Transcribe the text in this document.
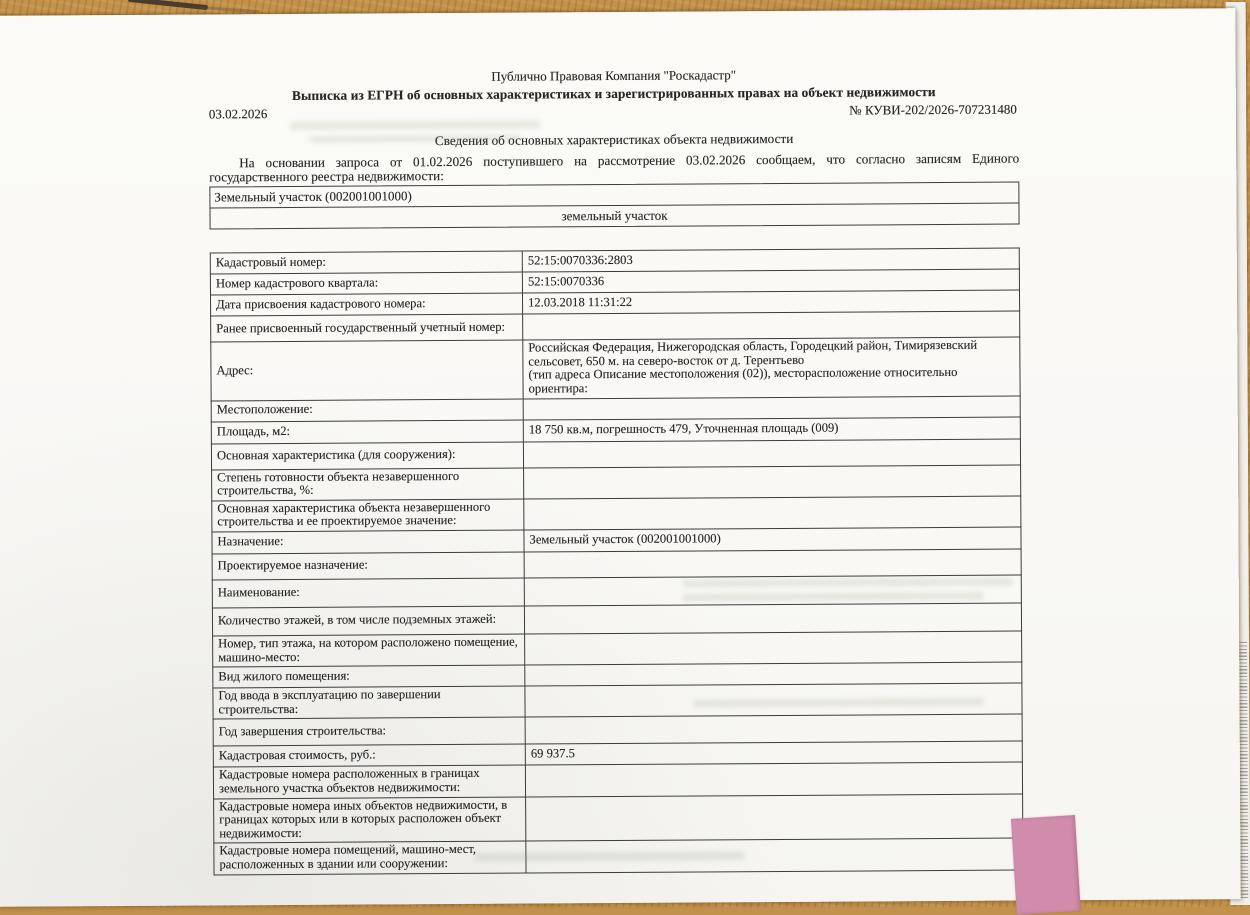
Публично Правовая Компания "Роскадастр"
Выписка из ЕГРН об основных характеристиках и зарегистрированных правах на объект недвижимости
03.02.2026	№ КУВИ-202/2026-707231480
Сведения об основных характеристиках объекта недвижимости
На основании запроса от 01.02.2026 поступившего на рассмотрение 03.02.2026 сообщаем, что согласно записям Единого государственного реестра недвижимости:
Земельный участок (002001001000)
земельный участок
Кадастровый номер:	52:15:0070336:2803
Номер кадастрового квартала:	52:15:0070336
Дата присвоения кадастрового номера:	12.03.2018 11:31:22
Ранее присвоенный государственный учетный номер:	
Адрес:	Российская Федерация, Нижегородская область, Городецкий район, Тимирязевский сельсовет, 650 м. на северо-восток от д. Терентьево
(тип адреса Описание местоположения (02)), месторасположение относительно ориентира:
Местоположение:	
Площадь, м2:	18 750 кв.м, погрешность 479, Уточненная площадь (009)
Основная характеристика (для сооружения):	
Степень готовности объекта незавершенного строительства, %:	
Основная характеристика объекта незавершенного строительства и ее проектируемое значение:	
Назначение:	Земельный участок (002001001000)
Проектируемое назначение:	
Наименование:	
Количество этажей, в том числе подземных этажей:	
Номер, тип этажа, на котором расположено помещение, машино-место:	
Вид жилого помещения:	
Год ввода в эксплуатацию по завершении строительства:	
Год завершения строительства:	
Кадастровая стоимость, руб.:	69 937.5
Кадастровые номера расположенных в границах земельного участка объектов недвижимости:	
Кадастровые номера иных объектов недвижимости, в границах которых или в которых расположен объект недвижимости:	
Кадастровые номера помещений, машино-мест, расположенных в здании или сооружении:	
